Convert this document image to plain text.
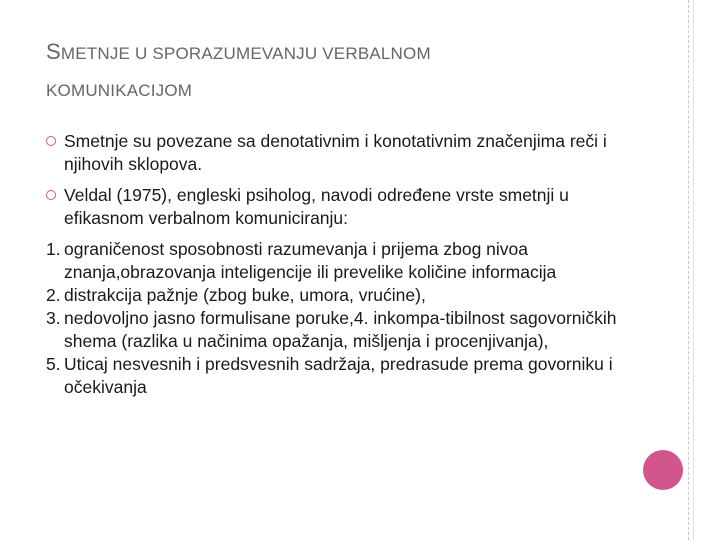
SMETNJE U SPORAZUMEVANJU VERBALNOM
KOMUNIKACIJOM
Smetnje su povezane sa denotativnim i konotativnim značenjima reči i njihovih sklopova.
Veldal (1975), engleski psiholog, navodi određene vrste smetnji u efikasnom verbalnom komuniciranju:
1. ograničenost sposobnosti razumevanja i prijema zbog nivoa znanja,obrazovanja inteligencije ili prevelike količine informacija
2. distrakcija pažnje (zbog buke, umora, vrućine),
3. nedovoljno jasno formulisane poruke,4. inkompa-tibilnost sagovorničkih shema (razlika u načinima opažanja, mišljenja i procenjivanja),
5. Uticaj nesvesnih i predsvesnih sadržaja, predrasude prema govorniku i očekivanja
